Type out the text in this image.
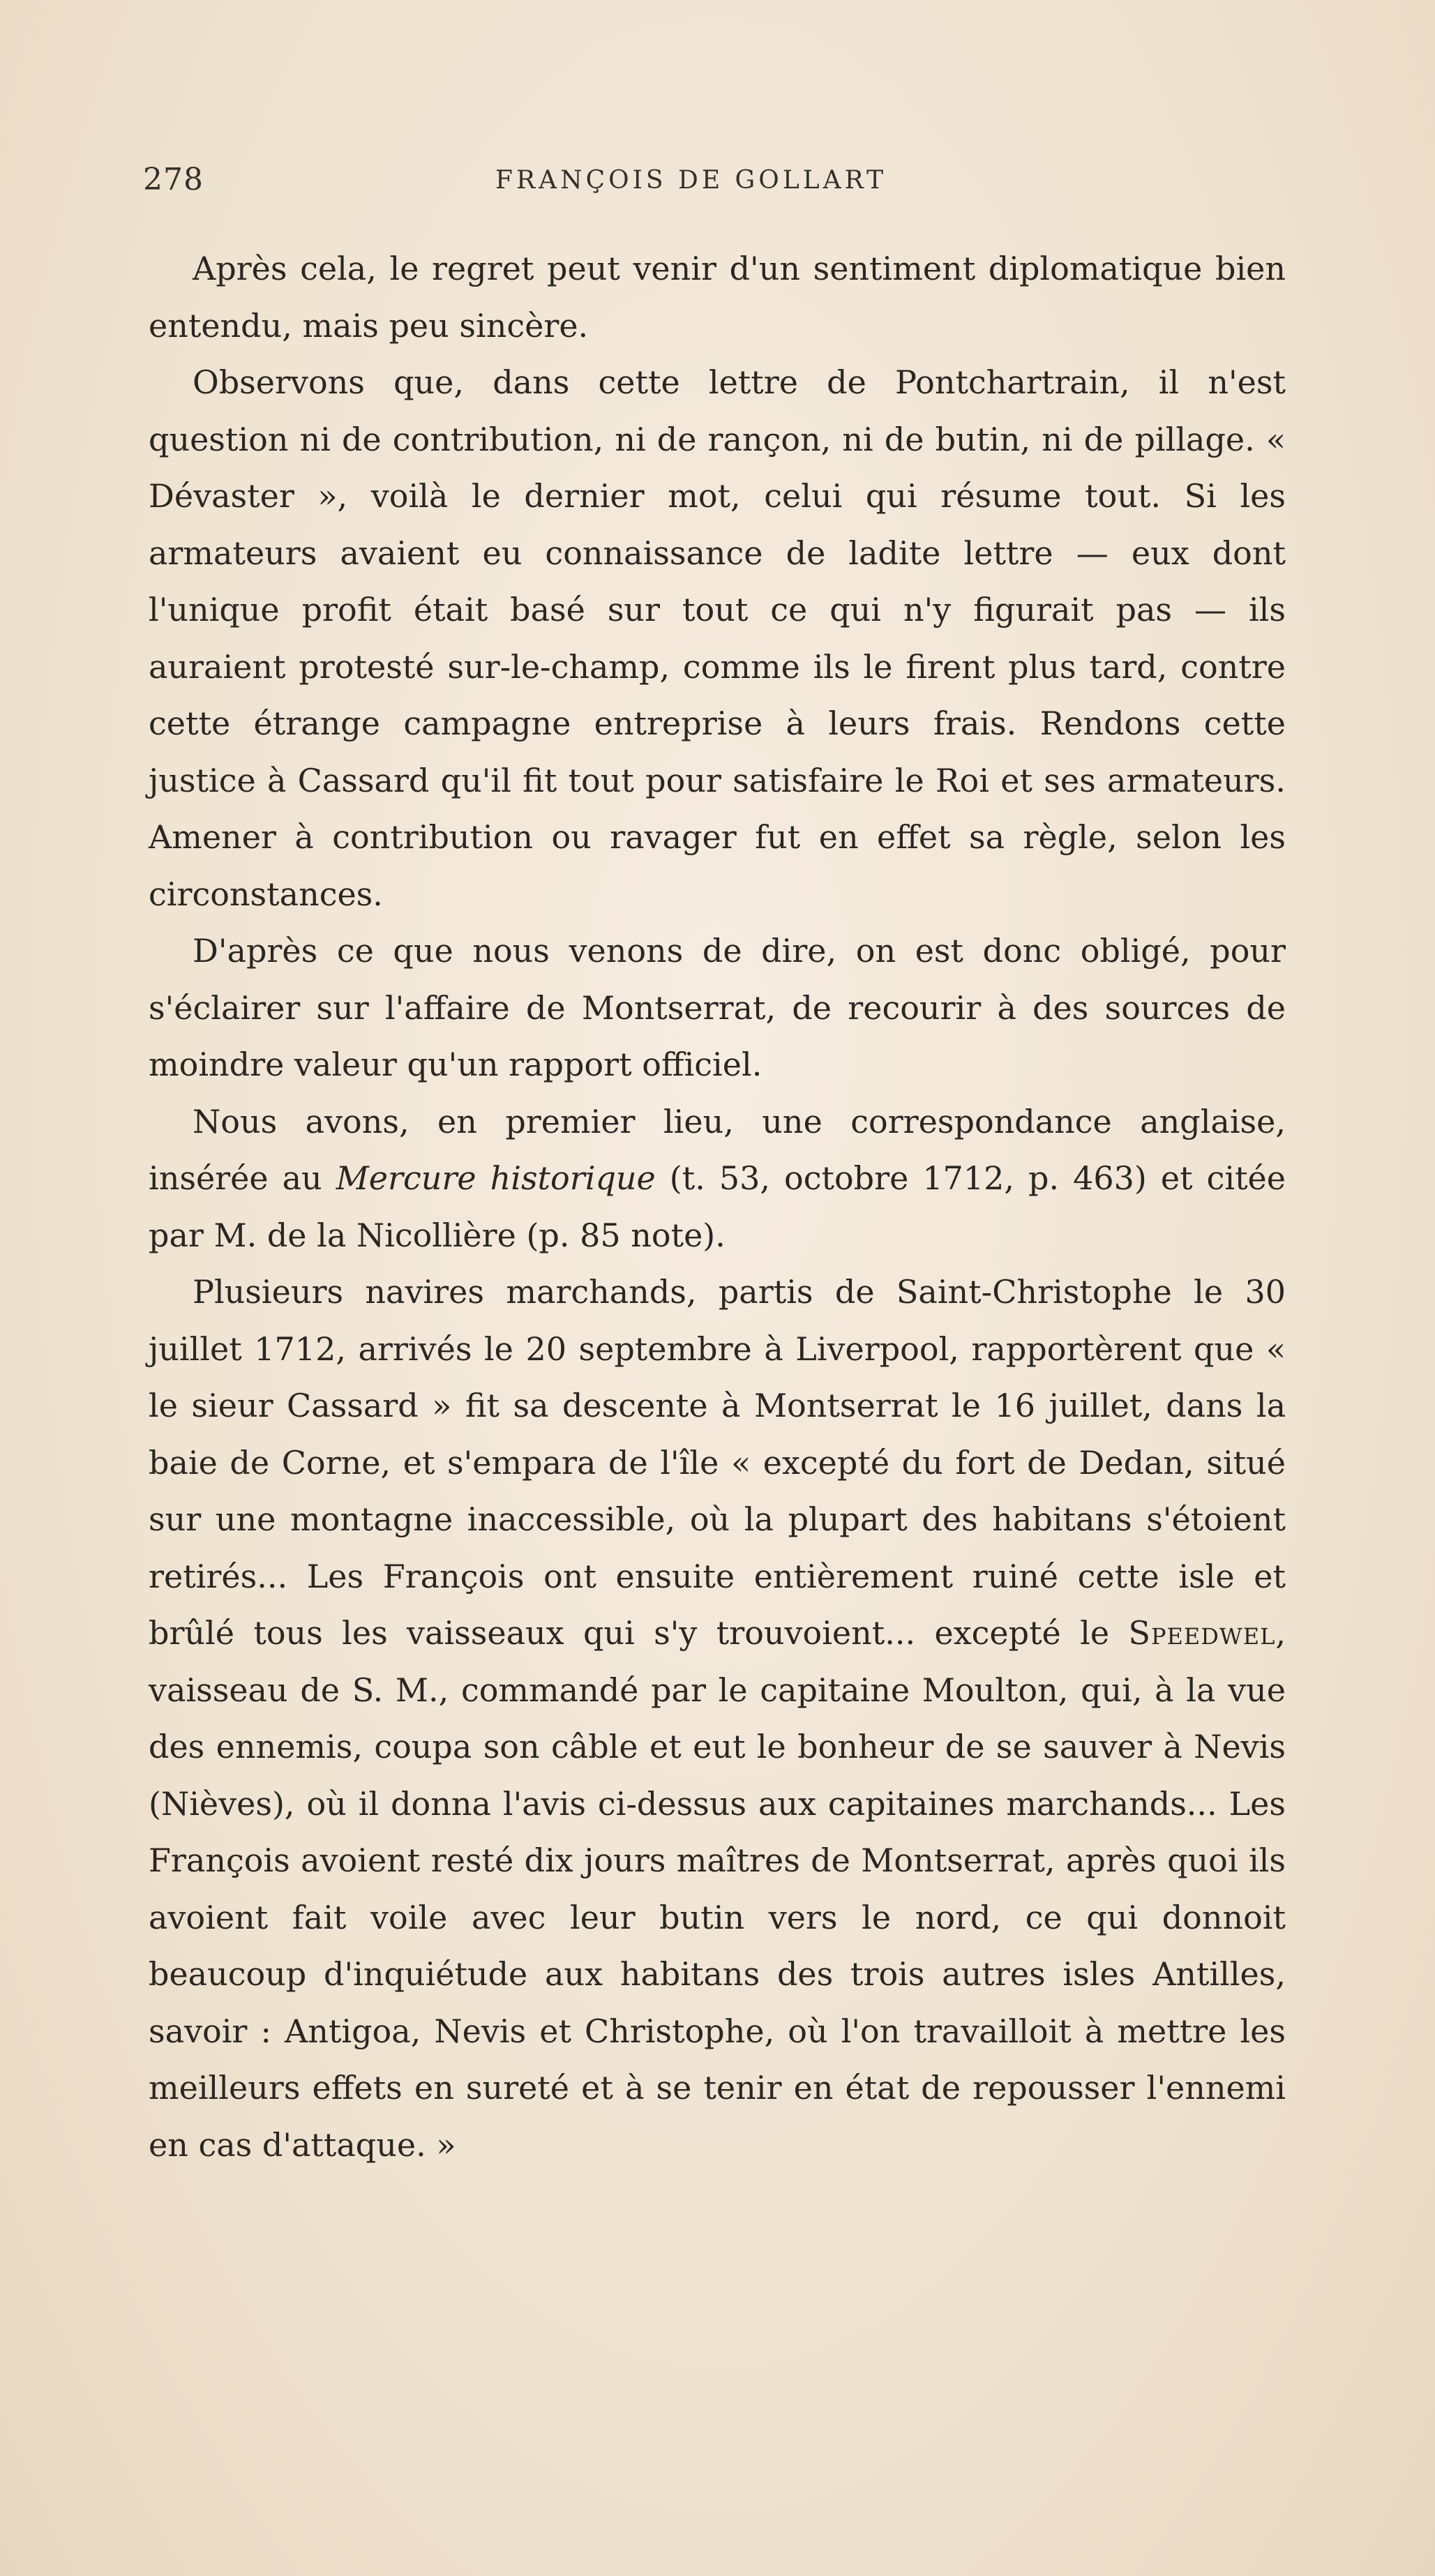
278	FRANÇOIS DE GOLLART

Après cela, le regret peut venir d'un sentiment diplomatique bien entendu, mais peu sincère.

Observons que, dans cette lettre de Pontchartrain, il n'est question ni de contribution, ni de rançon, ni de butin, ni de pillage. « Dévaster », voilà le dernier mot, celui qui résume tout. Si les armateurs avaient eu connaissance de ladite lettre — eux dont l'unique profit était basé sur tout ce qui n'y figurait pas — ils auraient protesté sur-le-champ, comme ils le firent plus tard, contre cette étrange campagne entreprise à leurs frais. Rendons cette justice à Cassard qu'il fit tout pour satisfaire le Roi et ses armateurs. Amener à contribution ou ravager fut en effet sa règle, selon les circonstances.

D'après ce que nous venons de dire, on est donc obligé, pour s'éclairer sur l'affaire de Montserrat, de recourir à des sources de moindre valeur qu'un rapport officiel.

Nous avons, en premier lieu, une correspondance anglaise, insérée au Mercure historique (t. 53, octobre 1712, p. 463) et citée par M. de la Nicollière (p. 85 note).

Plusieurs navires marchands, partis de Saint-Christophe le 30 juillet 1712, arrivés le 20 septembre à Liverpool, rapportèrent que « le sieur Cassard » fit sa descente à Montserrat le 16 juillet, dans la baie de Corne, et s'empara de l'île « excepté du fort de Dedan, situé sur une montagne inaccessible, où la plupart des habitans s'étoient retirés... Les François ont ensuite entièrement ruiné cette isle et brûlé tous les vaisseaux qui s'y trouvoient... excepté le Speedwel, vaisseau de S. M., commandé par le capitaine Moulton, qui, à la vue des ennemis, coupa son câble et eut le bonheur de se sauver à Nevis (Nièves), où il donna l'avis ci-dessus aux capitaines marchands... Les François avoient resté dix jours maîtres de Montserrat, après quoi ils avoient fait voile avec leur butin vers le nord, ce qui donnoit beaucoup d'inquiétude aux habitans des trois autres isles Antilles, savoir : Antigoa, Nevis et Christophe, où l'on travailloit à mettre les meilleurs effets en sureté et à se tenir en état de repousser l'ennemi en cas d'attaque. »
